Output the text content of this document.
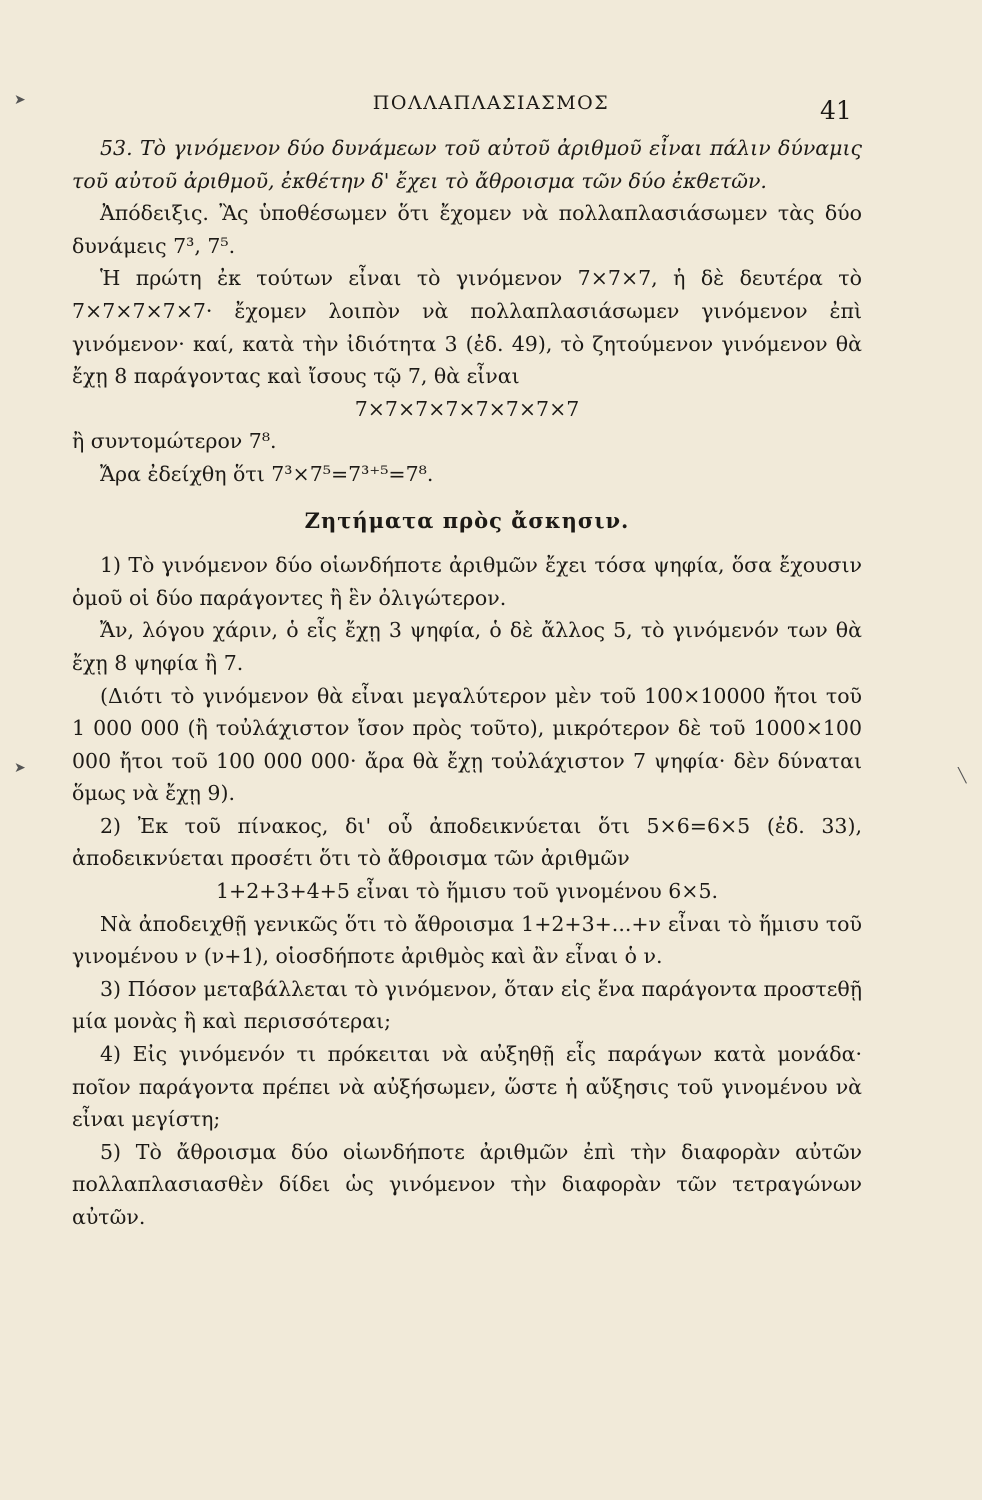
ΠΟΛΛΑΠΛΑΣΙΑΣΜΟΣ	41

53. Τὸ γινόμενον δύο δυνάμεων τοῦ αὐτοῦ ἀριθμοῦ εἶναι πάλιν δύναμις τοῦ αὐτοῦ ἀριθμοῦ, ἐκθέτην δ' ἔχει τὸ ἄθροισμα τῶν δύο ἐκθετῶν.

Ἀπόδειξις. Ἂς ὑποθέσωμεν ὅτι ἔχομεν νὰ πολλαπλασιάσωμεν τὰς δύο δυνάμεις 7³, 7⁵.

Ἡ πρώτη ἐκ τούτων εἶναι τὸ γινόμενον 7×7×7, ἡ δὲ δευτέρα τὸ 7×7×7×7×7· ἔχομεν λοιπὸν νὰ πολλαπλασιάσωμεν γινόμενον ἐπὶ γινόμενον· καί, κατὰ τὴν ἰδιότητα 3 (ἐδ. 49), τὸ ζητούμενον γινόμενον θὰ ἔχῃ 8 παράγοντας καὶ ἴσους τῷ 7, θὰ εἶναι

7×7×7×7×7×7×7×7

ἢ συντομώτερον 7⁸.

Ἄρα ἐδείχθη ὅτι 7³×7⁵=7³⁺⁵=7⁸.

Ζητήματα πρὸς ἄσκησιν.

1) Τὸ γινόμενον δύο οἱωνδήποτε ἀριθμῶν ἔχει τόσα ψηφία, ὅσα ἔχουσιν ὁμοῦ οἱ δύο παράγοντες ἢ ἓν ὀλιγώτερον.

Ἄν, λόγου χάριν, ὁ εἷς ἔχῃ 3 ψηφία, ὁ δὲ ἄλλος 5, τὸ γινόμενόν των θὰ ἔχῃ 8 ψηφία ἢ 7.

(Διότι τὸ γινόμενον θὰ εἶναι μεγαλύτερον μὲν τοῦ 100×10000 ἤτοι τοῦ 1 000 000 (ἢ τοὐλάχιστον ἴσον πρὸς τοῦτο), μικρότερον δὲ τοῦ 1000×100 000 ἤτοι τοῦ 100 000 000· ἄρα θὰ ἔχῃ τοὐλάχιστον 7 ψηφία· δὲν δύναται ὅμως νὰ ἔχῃ 9).

2) Ἐκ τοῦ πίνακος, δι' οὗ ἀποδεικνύεται ὅτι 5×6=6×5 (ἐδ. 33), ἀποδεικνύεται προσέτι ὅτι τὸ ἄθροισμα τῶν ἀριθμῶν

1+2+3+4+5 εἶναι τὸ ἥμισυ τοῦ γινομένου 6×5.

Νὰ ἀποδειχθῇ γενικῶς ὅτι τὸ ἄθροισμα 1+2+3+...+ν εἶναι τὸ ἥμισυ τοῦ γινομένου ν (ν+1), οἱοσδήποτε ἀριθμὸς καὶ ἂν εἶναι ὁ ν.

3) Πόσον μεταβάλλεται τὸ γινόμενον, ὅταν εἰς ἕνα παράγοντα προστεθῇ μία μονὰς ἢ καὶ περισσότεραι;

4) Εἰς γινόμενόν τι πρόκειται νὰ αὐξηθῇ εἷς παράγων κατὰ μονάδα· ποῖον παράγοντα πρέπει νὰ αὐξήσωμεν, ὥστε ἡ αὔξησις τοῦ γινομένου νὰ εἶναι μεγίστη;

5) Τὸ ἄθροισμα δύο οἱωνδήποτε ἀριθμῶν ἐπὶ τὴν διαφορὰν αὐτῶν πολλαπλασιασθὲν δίδει ὡς γινόμενον τὴν διαφορὰν τῶν τετραγώνων αὐτῶν.

➤
➤	╲
